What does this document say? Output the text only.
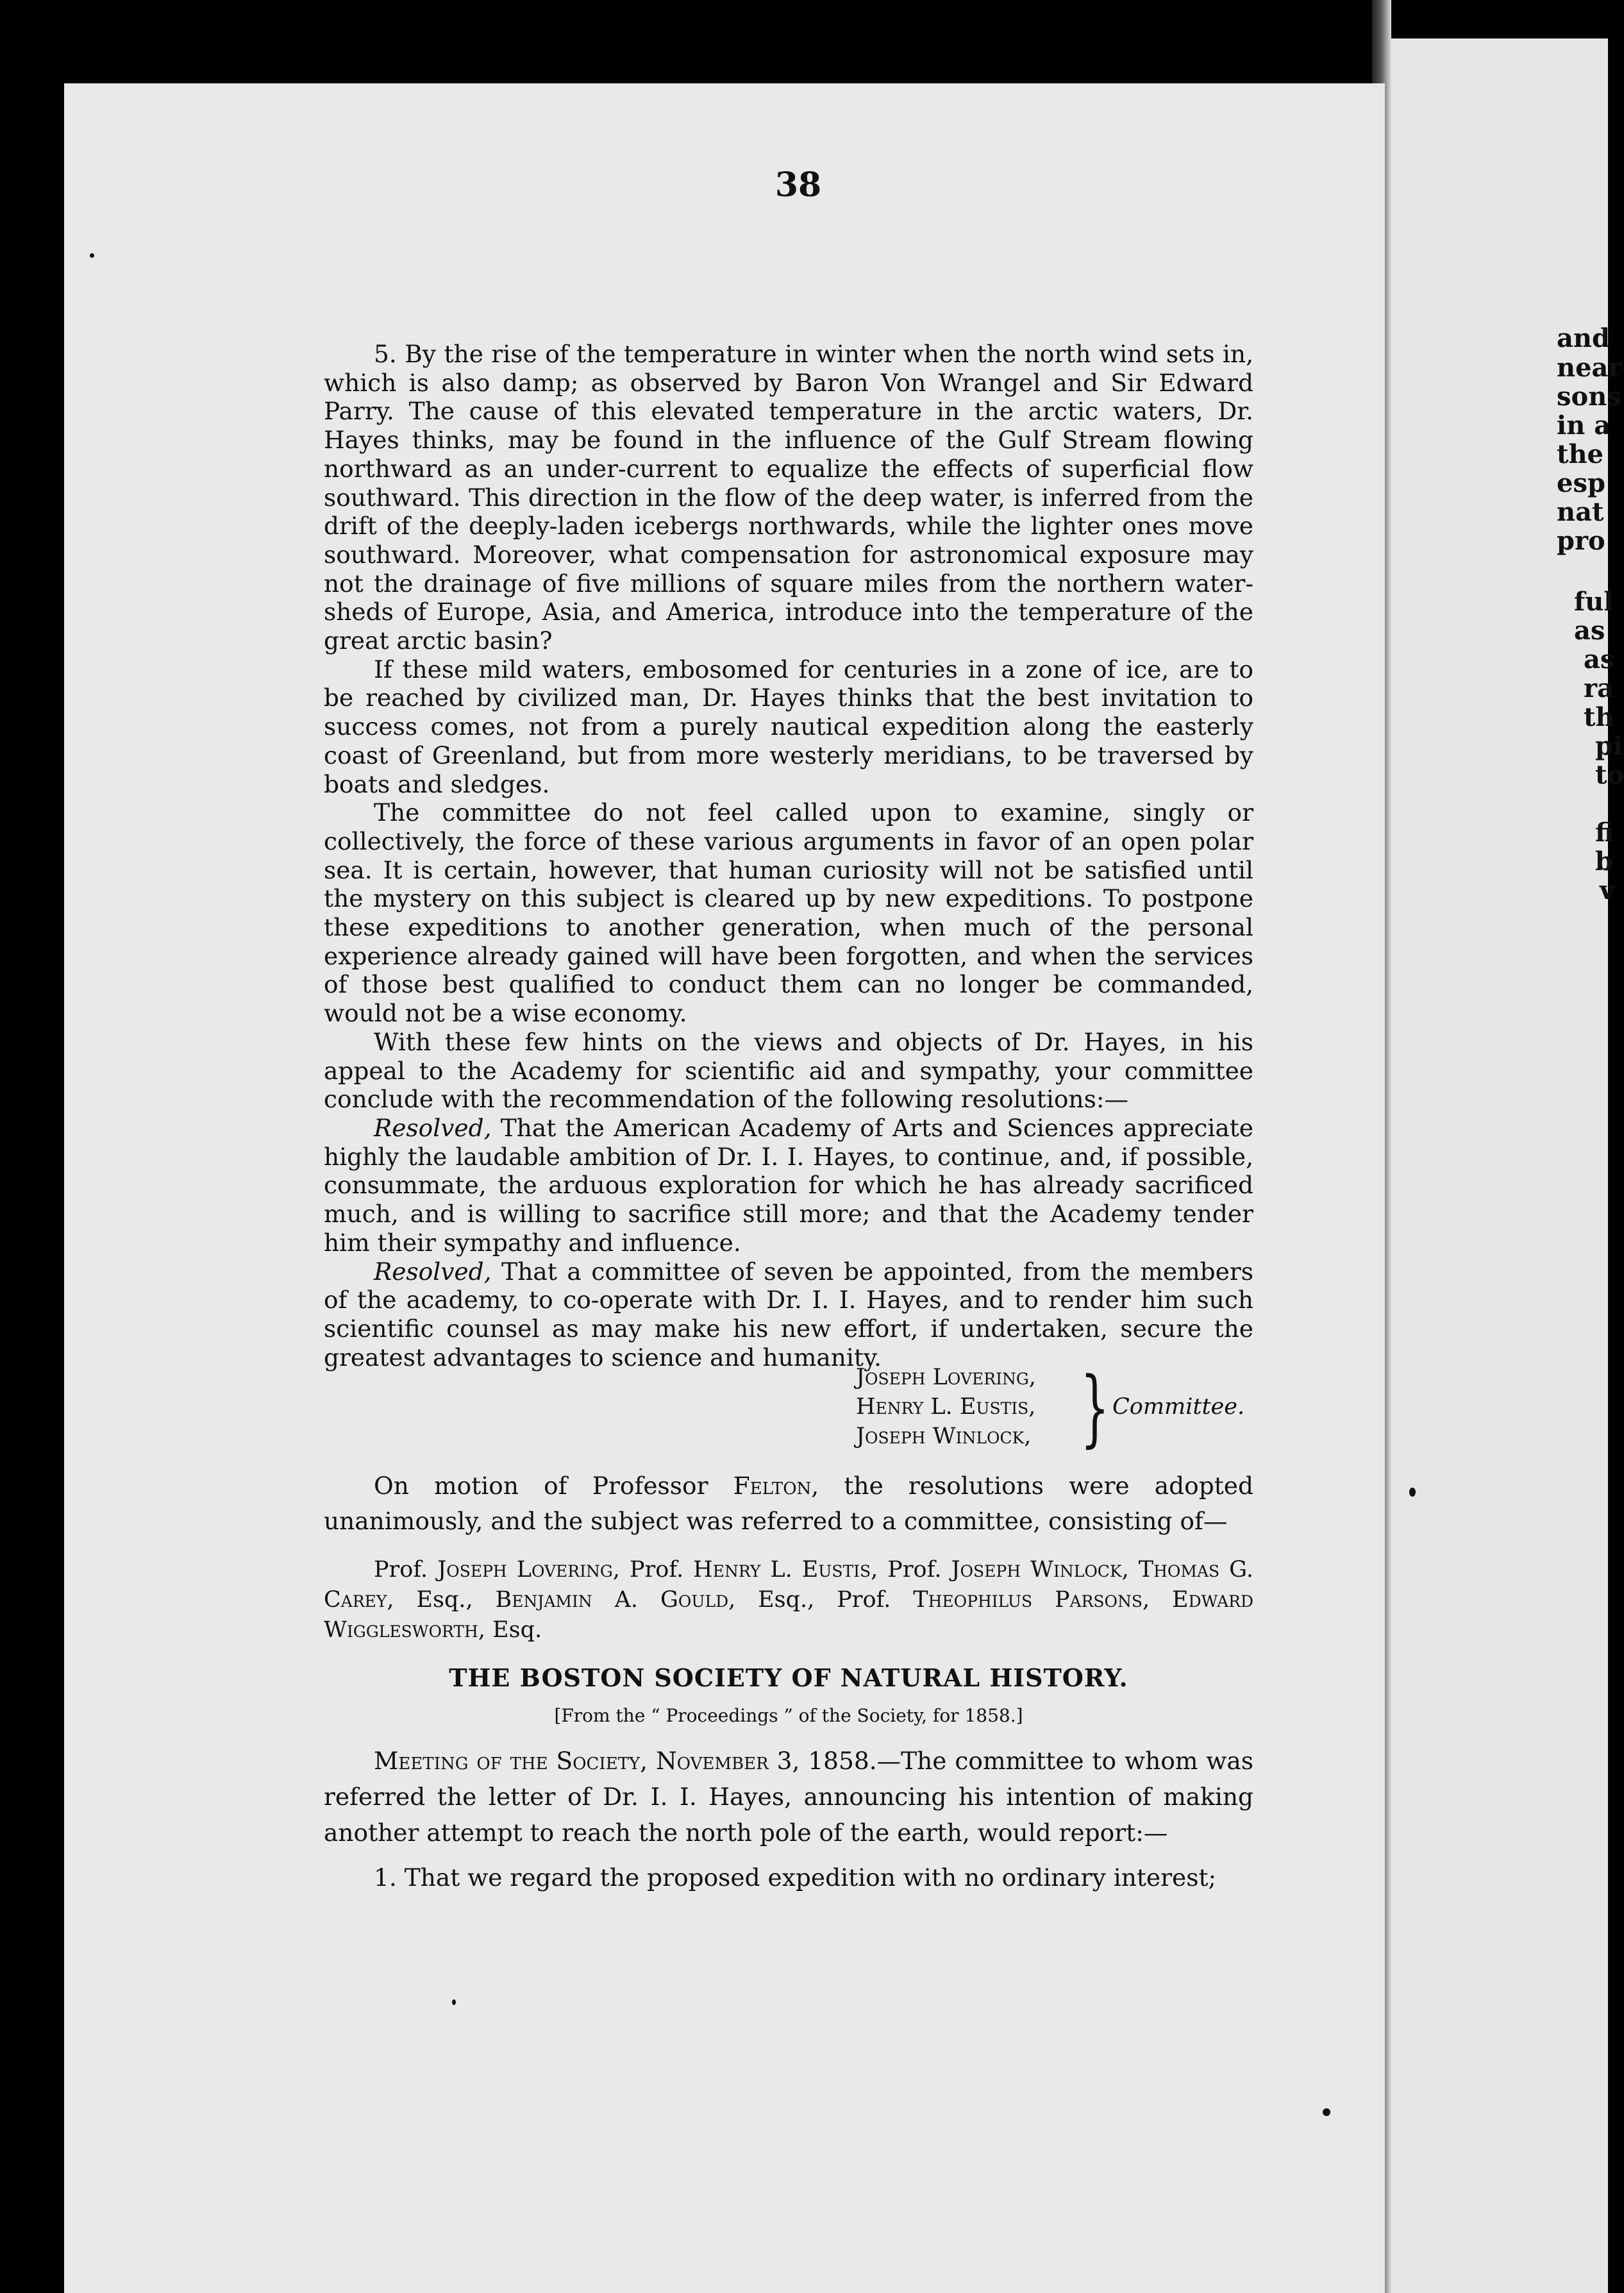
and
near
sons
in a
the
esp
nat
pro
ful
as
as
ra
th
pi
to
fi
b
v
38

5. By the rise of the temperature in winter when the north wind sets in, which is also damp; as observed by Baron Von Wrangel and Sir Edward Parry. The cause of this elevated temperature in the arctic waters, Dr. Hayes thinks, may be found in the influence of the Gulf Stream flowing northward as an under-current to equalize the effects of superficial flow southward. This direction in the flow of the deep water, is inferred from the drift of the deeply-laden icebergs northwards, while the lighter ones move southward. Moreover, what compensation for astronomical exposure may not the drainage of five millions of square miles from the northern water-sheds of Europe, Asia, and America, introduce into the temperature of the great arctic basin?

If these mild waters, embosomed for centuries in a zone of ice, are to be reached by civilized man, Dr. Hayes thinks that the best invitation to success comes, not from a purely nautical expedition along the easterly coast of Greenland, but from more westerly meridians, to be traversed by boats and sledges.

The committee do not feel called upon to examine, singly or collectively, the force of these various arguments in favor of an open polar sea. It is certain, however, that human curiosity will not be satisfied until the mystery on this subject is cleared up by new expeditions. To postpone these expeditions to another generation, when much of the personal experience already gained will have been forgotten, and when the services of those best qualified to conduct them can no longer be commanded, would not be a wise economy.

With these few hints on the views and objects of Dr. Hayes, in his appeal to the Academy for scientific aid and sympathy, your committee conclude with the recommendation of the following resolutions:—

Resolved, That the American Academy of Arts and Sciences appreciate highly the laudable ambition of Dr. I. I. Hayes, to continue, and, if possible, consummate, the arduous exploration for which he has already sacrificed much, and is willing to sacrifice still more; and that the Academy tender him their sympathy and influence.

Resolved, That a committee of seven be appointed, from the members of the academy, to co-operate with Dr. I. I. Hayes, and to render him such scientific counsel as may make his new effort, if undertaken, secure the greatest advantages to science and humanity.

Joseph Lovering,
Henry L. Eustis,
Joseph Winlock, } Committee.

On motion of Professor Felton, the resolutions were adopted unanimously, and the subject was referred to a committee, consisting of—

Prof. Joseph Lovering, Prof. Henry L. Eustis, Prof. Joseph Winlock, Thomas G. Carey, Esq., Benjamin A. Gould, Esq., Prof. Theophilus Parsons, Edward Wigglesworth, Esq.

THE BOSTON SOCIETY OF NATURAL HISTORY.
[From the “ Proceedings ” of the Society, for 1858.]

Meeting of the Society, November 3, 1858.—The committee to whom was referred the letter of Dr. I. I. Hayes, announcing his intention of making another attempt to reach the north pole of the earth, would report:—

1. That we regard the proposed expedition with no ordinary interest;
